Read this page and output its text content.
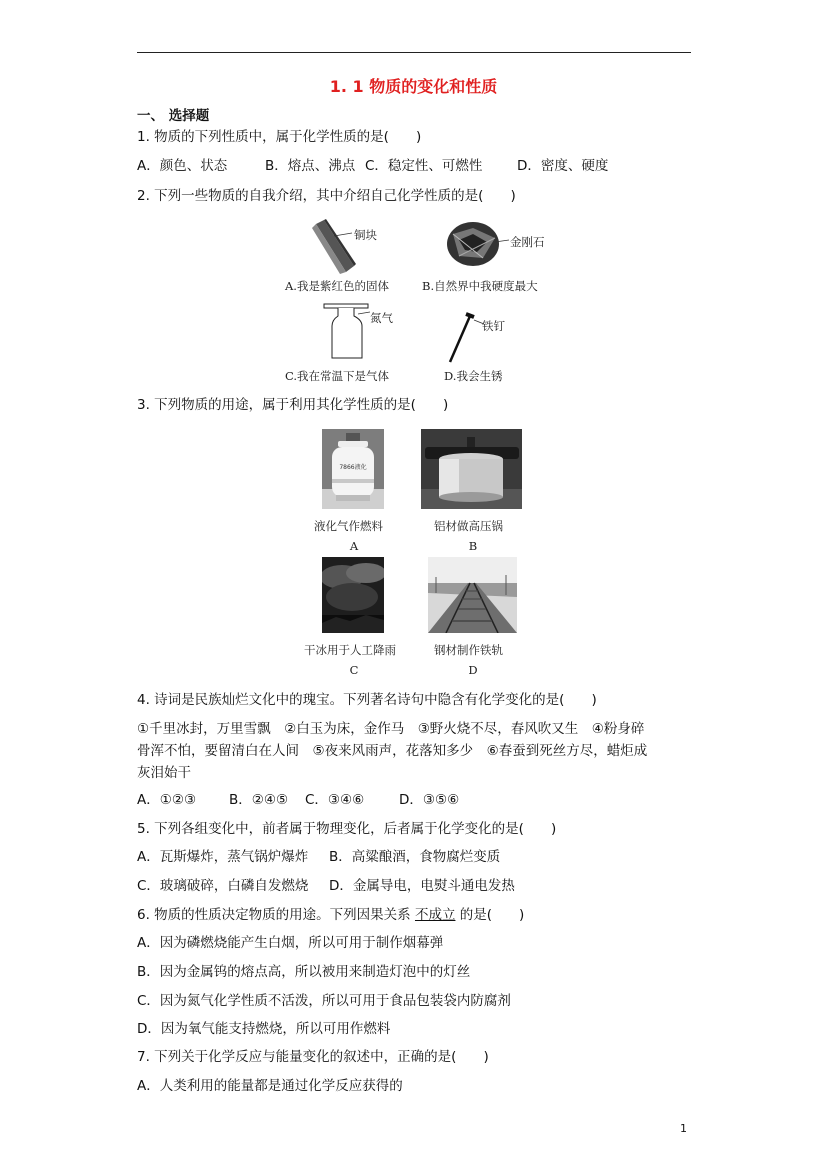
1. 1 物质的变化和性质
一、 选择题
1. 物质的下列性质中，属于化学性质的是(　　)
A．颜色、状态	B．熔点、沸点 C．稳定性、可燃性	D．密度、硬度
2. 下列一些物质的自我介绍，其中介绍自己化学性质的是(　　)
铜块	金刚石
A.我是紫红色的固体	B.自然界中我硬度最大
氮气
铁钉
C.我在常温下是气体	D.我会生锈
3. 下列物质的用途，属于利用其化学性质的是(　　)
7866液化
液化气作燃料	铝材做高压锅
A	B
干冰用于人工降雨	钢材制作铁轨
C	D
4. 诗词是民族灿烂文化中的瑰宝。下列著名诗句中隐含有化学变化的是(　　)
①千里冰封，万里雪飘　②白玉为床，金作马　③野火烧不尽，春风吹又生　④粉身碎
骨浑不怕，要留清白在人间　⑤夜来风雨声，花落知多少　⑥春蚕到死丝方尽，蜡炬成
灰泪始干
A．①②③ B．②④⑤ C．③④⑥	D．③⑤⑥
5. 下列各组变化中，前者属于物理变化，后者属于化学变化的是(　　)
A．瓦斯爆炸，蒸气锅炉爆炸 B．高粱酿酒，食物腐烂变质
C．玻璃破碎，白磷自发燃烧 D．金属导电，电熨斗通电发热
6. 物质的性质决定物质的用途。下列因果关系 不成立 的是(　　)
A．因为磷燃烧能产生白烟，所以可用于制作烟幕弹
B．因为金属钨的熔点高，所以被用来制造灯泡中的灯丝
C．因为氮气化学性质不活泼，所以可用于食品包装袋内防腐剂
D．因为氧气能支持燃烧，所以可用作燃料
7. 下列关于化学反应与能量变化的叙述中，正确的是(　　)
A．人类利用的能量都是通过化学反应获得的
1
